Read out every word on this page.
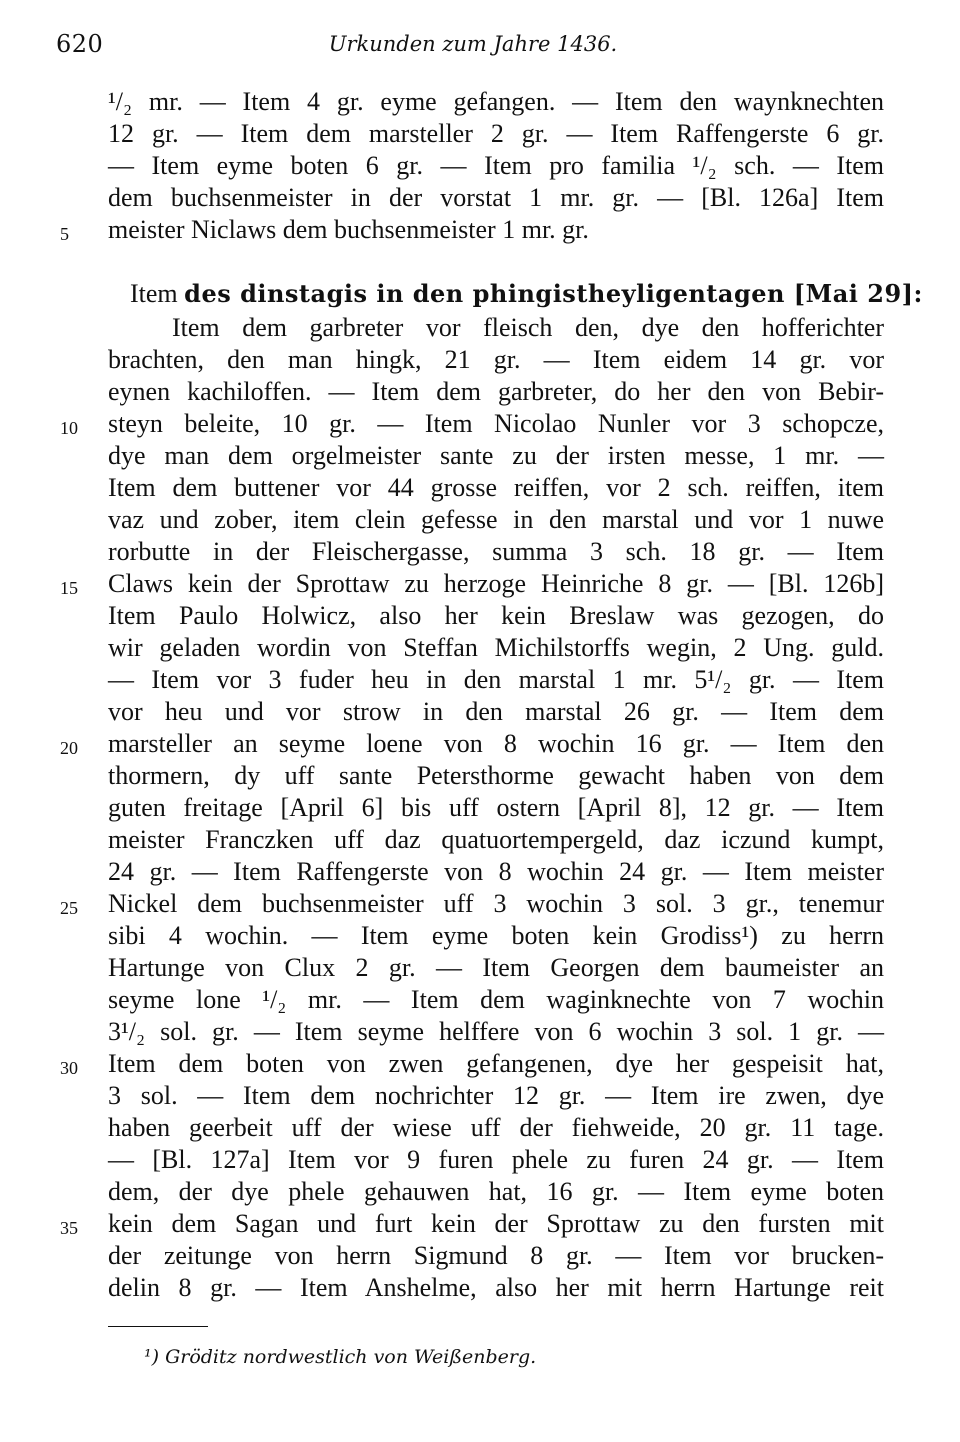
620	Urkunden zum Jahre 1436.
¹/₂ mr. — Item 4 gr. eyme gefangen. — Item den waynknechten
12 gr. — Item dem marsteller 2 gr. — Item Raffengerste 6 gr.
— Item eyme boten 6 gr. — Item pro familia ¹/₂ sch. — Item
dem buchsenmeister in der vorstat 1 mr. gr. — [Bl. 126a] Item
5	meister Niclaws dem buchsenmeister 1 mr. gr.
Item des dinstagis in den phingistheyligentagen [Mai 29]:
Item dem garbreter vor fleisch den, dye den hofferichter
brachten, den man hingk, 21 gr. — Item eidem 14 gr. vor
eynen kachiloffen. — Item dem garbreter, do her den von Bebir-
10	steyn beleite, 10 gr. — Item Nicolao Nunler vor 3 schopcze,
dye man dem orgelmeister sante zu der irsten messe, 1 mr. —
Item dem buttener vor 44 grosse reiffen, vor 2 sch. reiffen, item
vaz und zober, item clein gefesse in den marstal und vor 1 nuwe
rorbutte in der Fleischergasse, summa 3 sch. 18 gr. — Item
15	Claws kein der Sprottaw zu herzoge Heinriche 8 gr. — [Bl. 126b]
Item Paulo Holwicz, also her kein Breslaw was gezogen, do
wir geladen wordin von Steffan Michilstorffs wegin, 2 Ung. guld.
— Item vor 3 fuder heu in den marstal 1 mr. 5¹/₂ gr. — Item
vor heu und vor strow in den marstal 26 gr. — Item dem
20	marsteller an seyme loene von 8 wochin 16 gr. — Item den
thormern, dy uff sante Petersthorme gewacht haben von dem
guten freitage [April 6] bis uff ostern [April 8], 12 gr. — Item
meister Franczken uff daz quatuortempergeld, daz iczund kumpt,
24 gr. — Item Raffengerste von 8 wochin 24 gr. — Item meister
25	Nickel dem buchsenmeister uff 3 wochin 3 sol. 3 gr., tenemur
sibi 4 wochin. — Item eyme boten kein Grodiss¹) zu herrn
Hartunge von Clux 2 gr. — Item Georgen dem baumeister an
seyme lone ¹/₂ mr. — Item dem waginknechte von 7 wochin
3¹/₂ sol. gr. — Item seyme helffere von 6 wochin 3 sol. 1 gr. —
30	Item dem boten von zwen gefangenen, dye her gespeisit hat,
3 sol. — Item dem nochrichter 12 gr. — Item ire zwen, dye
haben geerbeit uff der wiese uff der fiehweide, 20 gr. 11 tage.
— [Bl. 127a] Item vor 9 furen phele zu furen 24 gr. — Item
dem, der dye phele gehauwen hat, 16 gr. — Item eyme boten
35	kein dem Sagan und furt kein der Sprottaw zu den fursten mit
der zeitunge von herrn Sigmund 8 gr. — Item vor brucken-
delin 8 gr. — Item Anshelme, also her mit herrn Hartunge reit
¹) Gröditz nordwestlich von Weißenberg.
